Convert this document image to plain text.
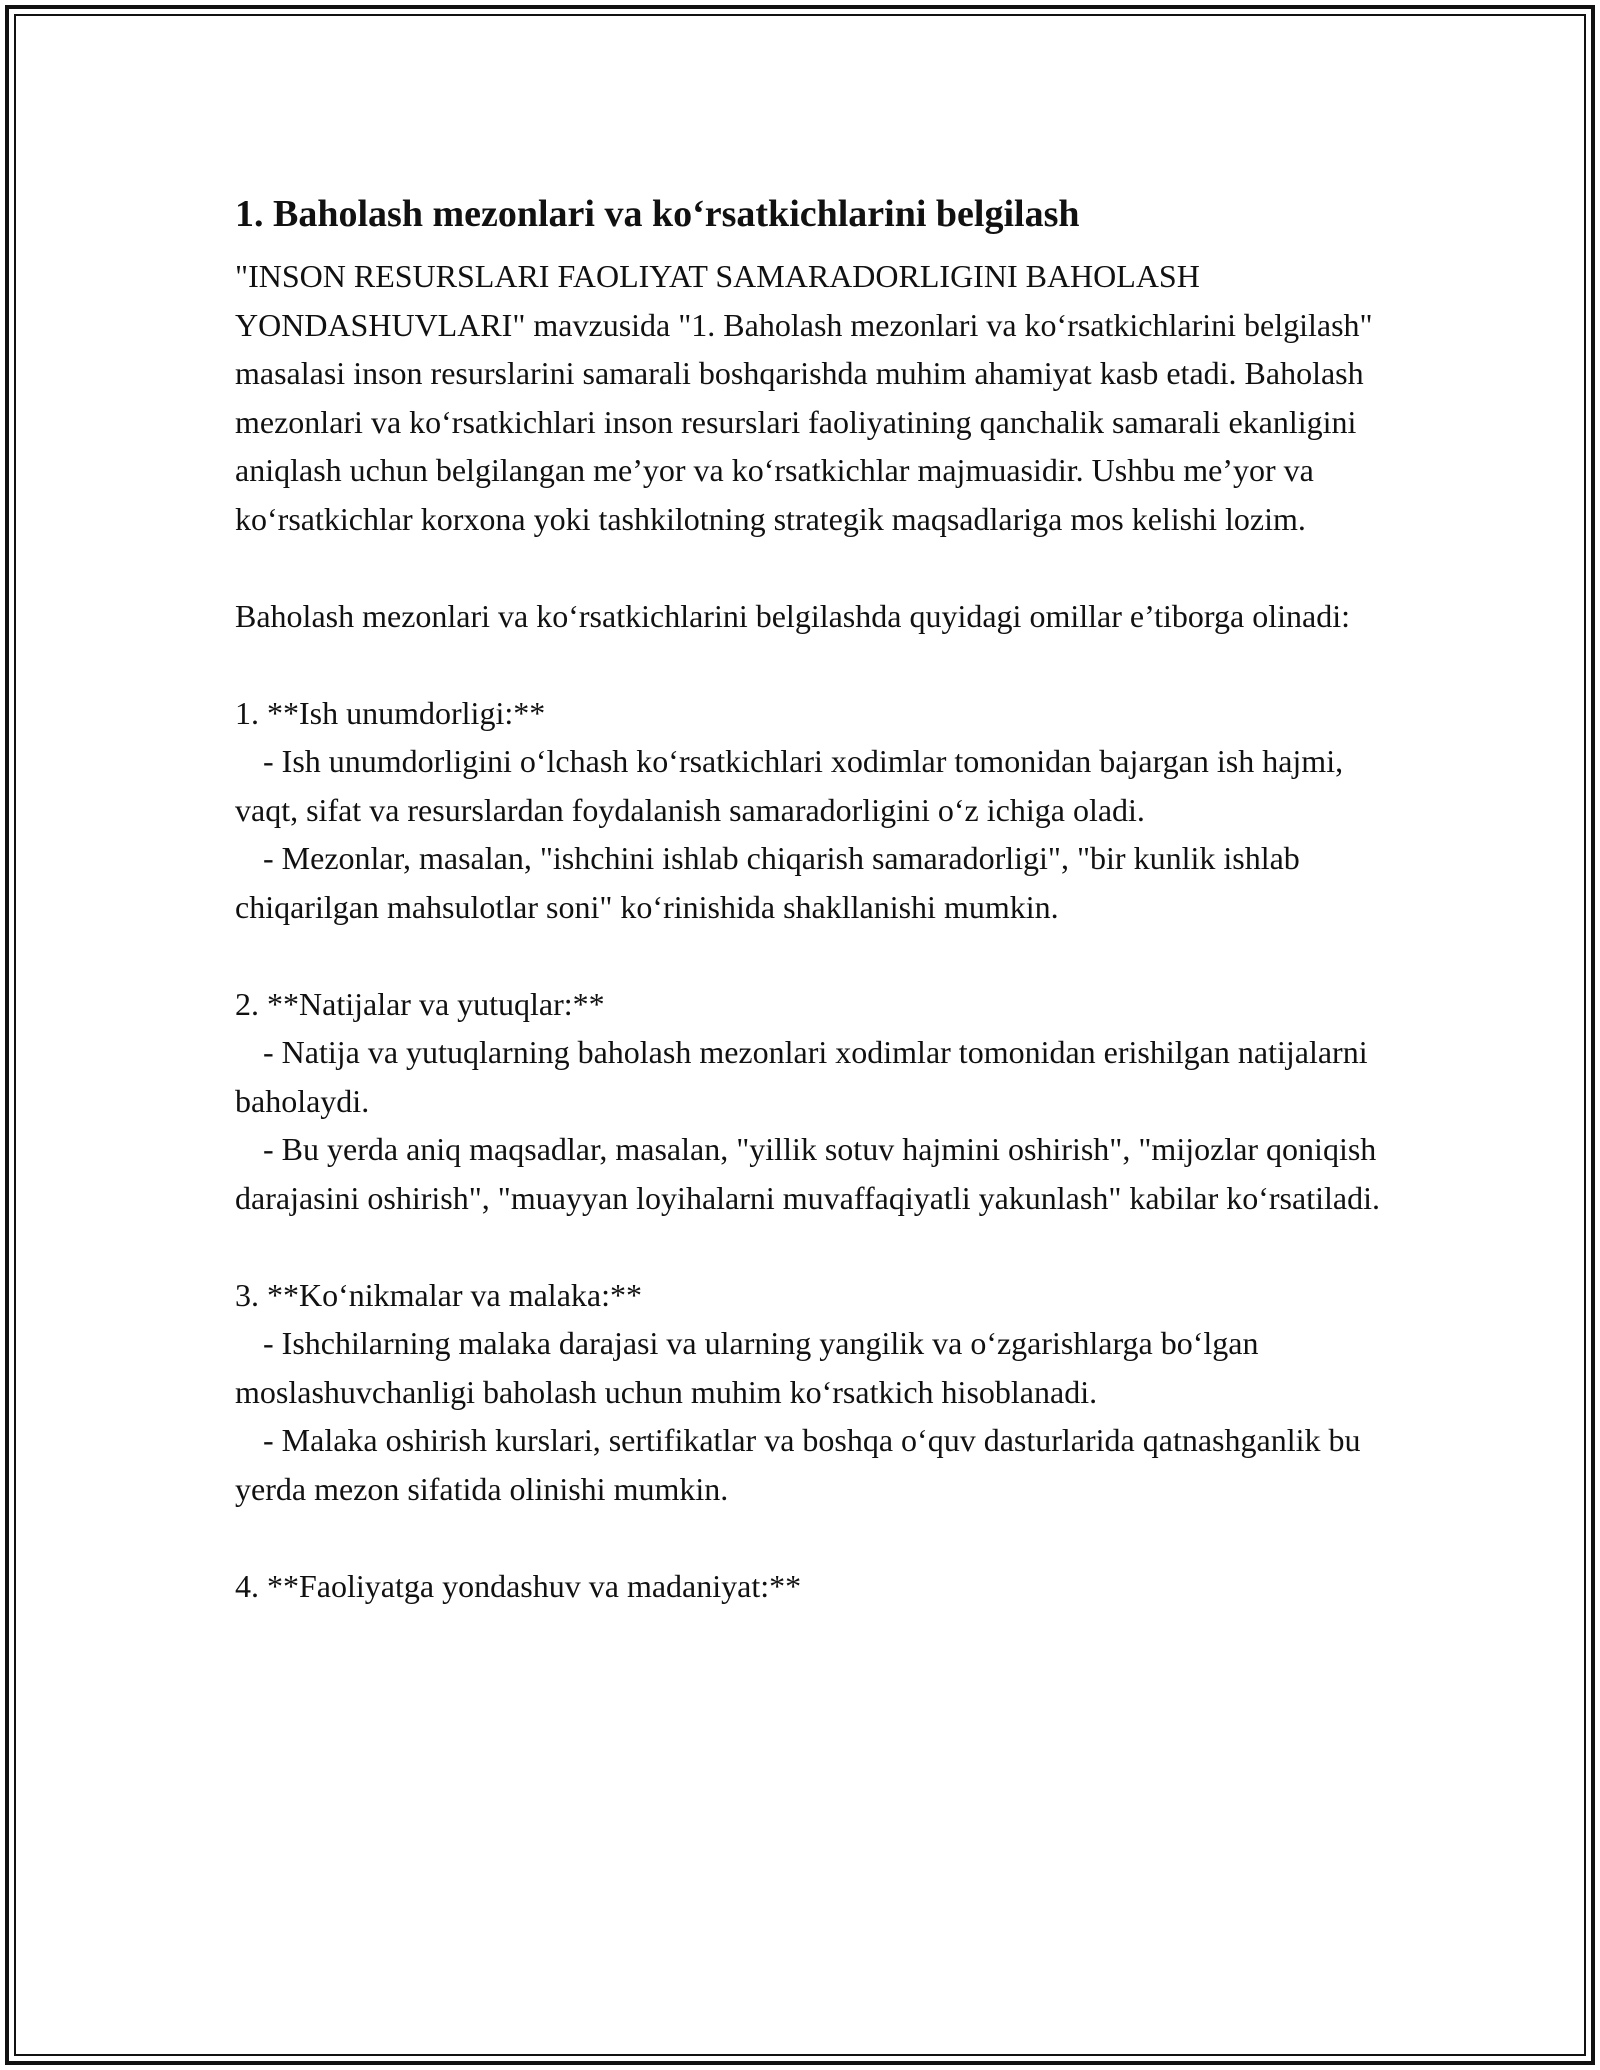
1. Baholash mezonlari va ko‘rsatkichlarini belgilash

"INSON RESURSLARI FAOLIYAT SAMARADORLIGINI BAHOLASH YONDASHUVLARI" mavzusida "1. Baholash mezonlari va ko‘rsatkichlarini belgilash" masalasi inson resurslarini samarali boshqarishda muhim ahamiyat kasb etadi. Baholash mezonlari va ko‘rsatkichlari inson resurslari faoliyatining qanchalik samarali ekanligini aniqlash uchun belgilangan me’yor va ko‘rsatkichlar majmuasidir. Ushbu me’yor va ko‘rsatkichlar korxona yoki tashkilotning strategik maqsadlariga mos kelishi lozim.

Baholash mezonlari va ko‘rsatkichlarini belgilashda quyidagi omillar e’tiborga olinadi:

1. **Ish unumdorligi:**

- Ish unumdorligini o‘lchash ko‘rsatkichlari xodimlar tomonidan bajargan ish hajmi, vaqt, sifat va resurslardan foydalanish samaradorligini o‘z ichiga oladi.

- Mezonlar, masalan, "ishchini ishlab chiqarish samaradorligi", "bir kunlik ishlab chiqarilgan mahsulotlar soni" ko‘rinishida shakllanishi mumkin.

2. **Natijalar va yutuqlar:**

- Natija va yutuqlarning baholash mezonlari xodimlar tomonidan erishilgan natijalarni baholaydi.

- Bu yerda aniq maqsadlar, masalan, "yillik sotuv hajmini oshirish", "mijozlar qoniqish darajasini oshirish", "muayyan loyihalarni muvaffaqiyatli yakunlash" kabilar ko‘rsatiladi.

3. **Ko‘nikmalar va malaka:**

- Ishchilarning malaka darajasi va ularning yangilik va o‘zgarishlarga bo‘lgan moslashuvchanligi baholash uchun muhim ko‘rsatkich hisoblanadi.

- Malaka oshirish kurslari, sertifikatlar va boshqa o‘quv dasturlarida qatnashganlik bu yerda mezon sifatida olinishi mumkin.

4. **Faoliyatga yondashuv va madaniyat:**
